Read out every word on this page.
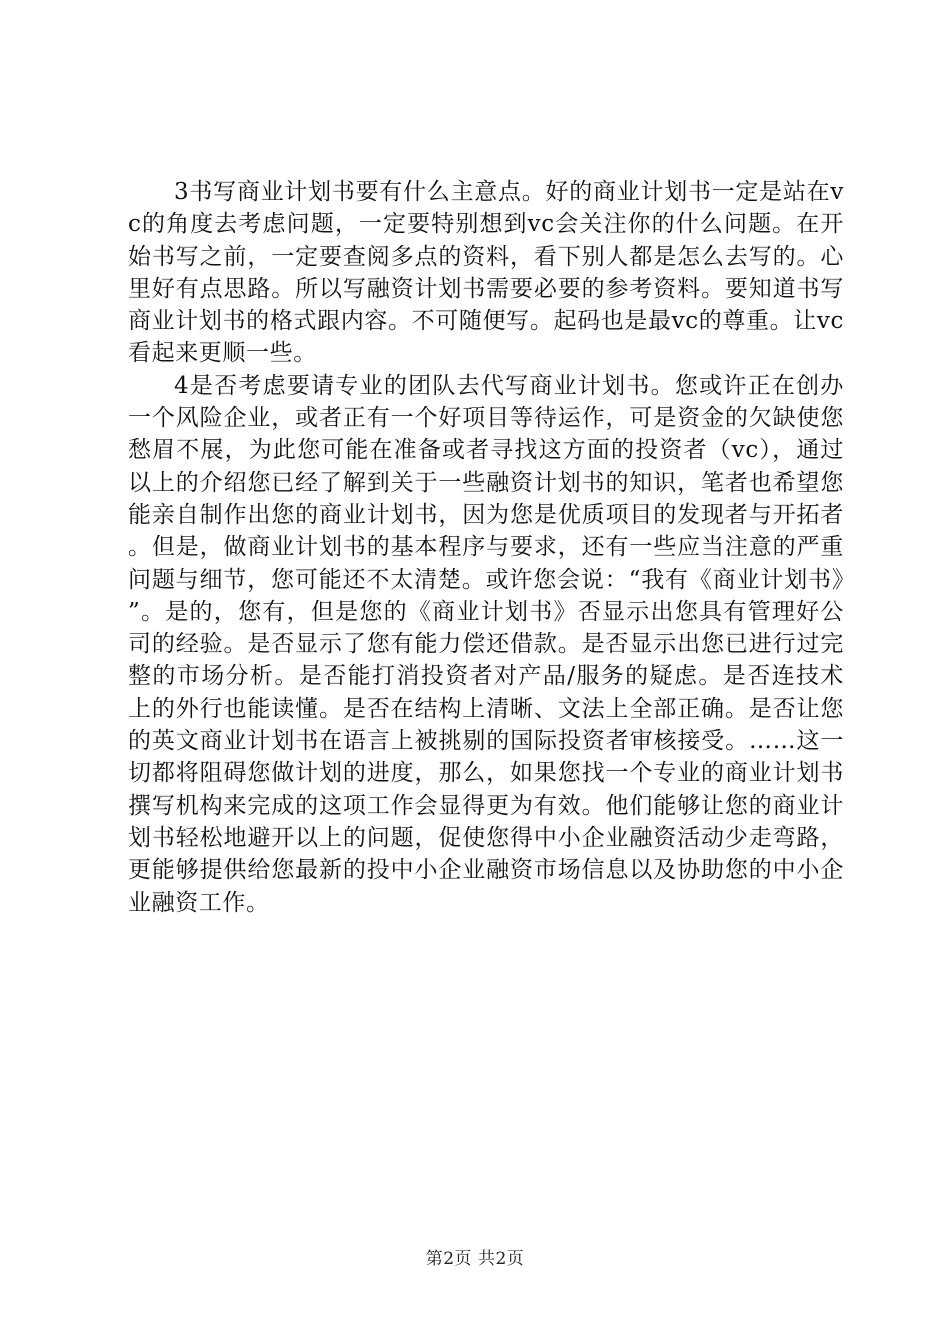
3书写商业计划书要有什么主意点。好的商业计划书一定是站在vc的角度去考虑问题，一定要特别想到vc会关注你的什么问题。在开始书写之前，一定要查阅多点的资料，看下别人都是怎么去写的。心里好有点思路。所以写融资计划书需要必要的参考资料。要知道书写商业计划书的格式跟内容。不可随便写。起码也是最vc的尊重。让vc看起来更顺一些。

4是否考虑要请专业的团队去代写商业计划书。您或许正在创办一个风险企业，或者正有一个好项目等待运作，可是资金的欠缺使您愁眉不展，为此您可能在准备或者寻找这方面的投资者（vc），通过以上的介绍您已经了解到关于一些融资计划书的知识，笔者也希望您能亲自制作出您的商业计划书，因为您是优质项目的发现者与开拓者。但是，做商业计划书的基本程序与要求，还有一些应当注意的严重问题与细节，您可能还不太清楚。或许您会说：“我有《商业计划书》”。是的，您有，但是您的《商业计划书》否显示出您具有管理好公司的经验。是否显示了您有能力偿还借款。是否显示出您已进行过完整的市场分析。是否能打消投资者对产品/服务的疑虑。是否连技术上的外行也能读懂。是否在结构上清晰、文法上全部正确。是否让您的英文商业计划书在语言上被挑剔的国际投资者审核接受。……这一切都将阻碍您做计划的进度，那么，如果您找一个专业的商业计划书撰写机构来完成的这项工作会显得更为有效。他们能够让您的商业计划书轻松地避开以上的问题，促使您得中小企业融资活动少走弯路，更能够提供给您最新的投中小企业融资市场信息以及协助您的中小企业融资工作。

第2页 共2页
